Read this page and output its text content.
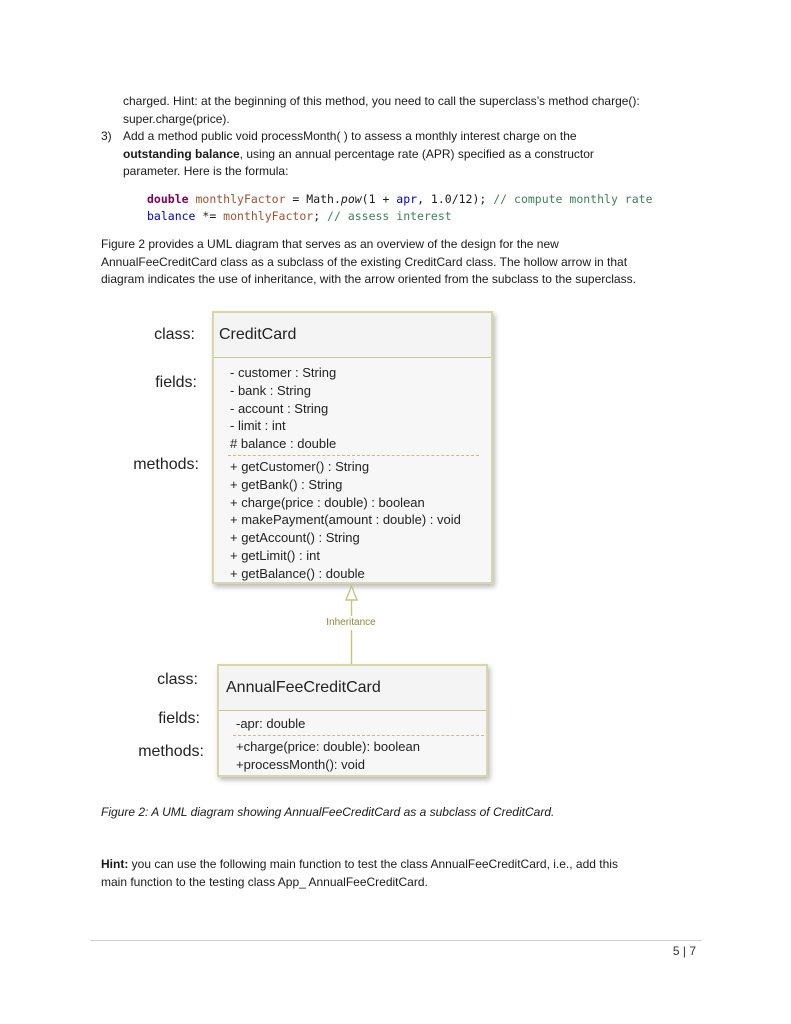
charged. Hint: at the beginning of this method, you need to call the superclass’s method charge():
super.charge(price).

3) Add a method public void processMonth( ) to assess a monthly interest charge on the
outstanding balance, using an annual percentage rate (APR) specified as a constructor
parameter. Here is the formula:

double monthlyFactor = Math.pow(1 + apr, 1.0/12); // compute monthly rate
balance *= monthlyFactor; // assess interest

Figure 2 provides a UML diagram that serves as an overview of the design for the new
AnnualFeeCreditCard class as a subclass of the existing CreditCard class. The hollow arrow in that
diagram indicates the use of inheritance, with the arrow oriented from the subclass to the superclass.

class:
fields:
methods:
CreditCard
- customer : String
- bank : String
- account : String
- limit : int
# balance : double
+ getCustomer() : String
+ getBank() : String
+ charge(price : double) : boolean
+ makePayment(amount : double) : void
+ getAccount() : String
+ getLimit() : int
+ getBalance() : double
Inheritance
class:
fields:
methods:
AnnualFeeCreditCard
-apr: double
+charge(price: double): boolean
+processMonth(): void

Figure 2: A UML diagram showing AnnualFeeCreditCard as a subclass of CreditCard.

Hint: you can use the following main function to test the class AnnualFeeCreditCard, i.e., add this
main function to the testing class App_ AnnualFeeCreditCard.

5 | 7
